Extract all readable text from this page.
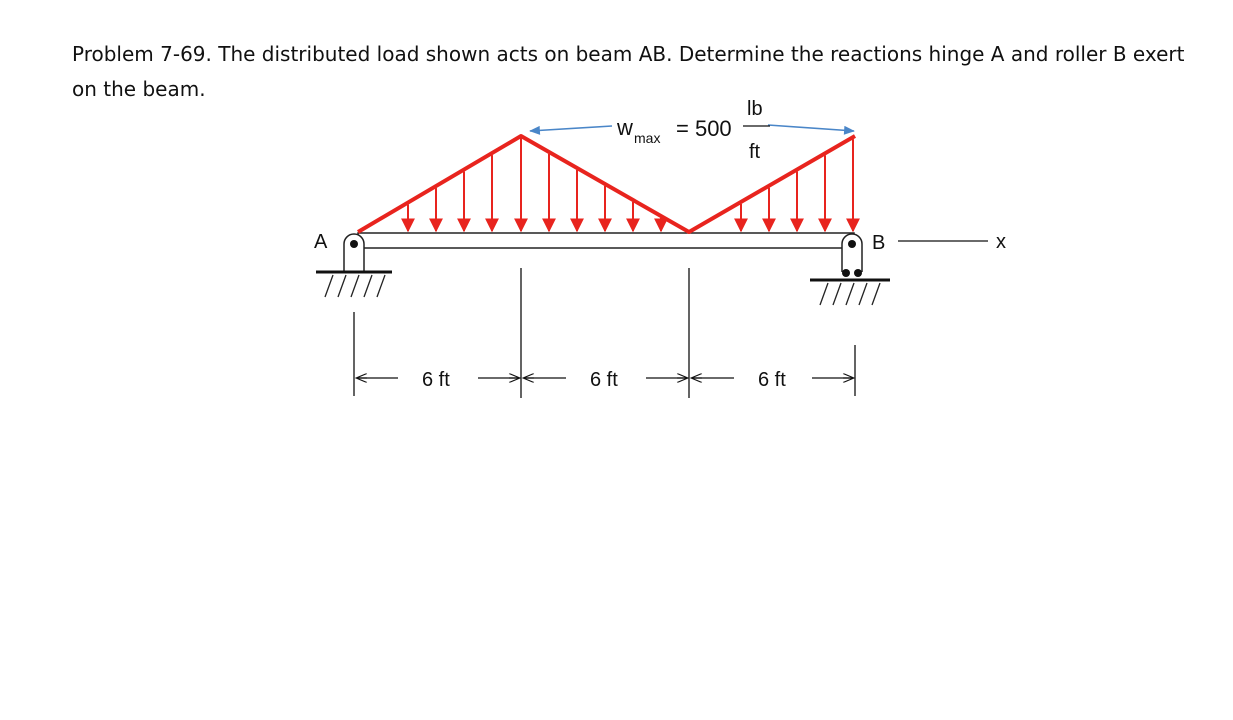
Problem 7-69. The distributed load shown acts on beam AB. Determine the reactions hinge A and roller B exert on the beam.

A	B	x
w max = 500
lb
ft
6 ft	6 ft	6 ft
